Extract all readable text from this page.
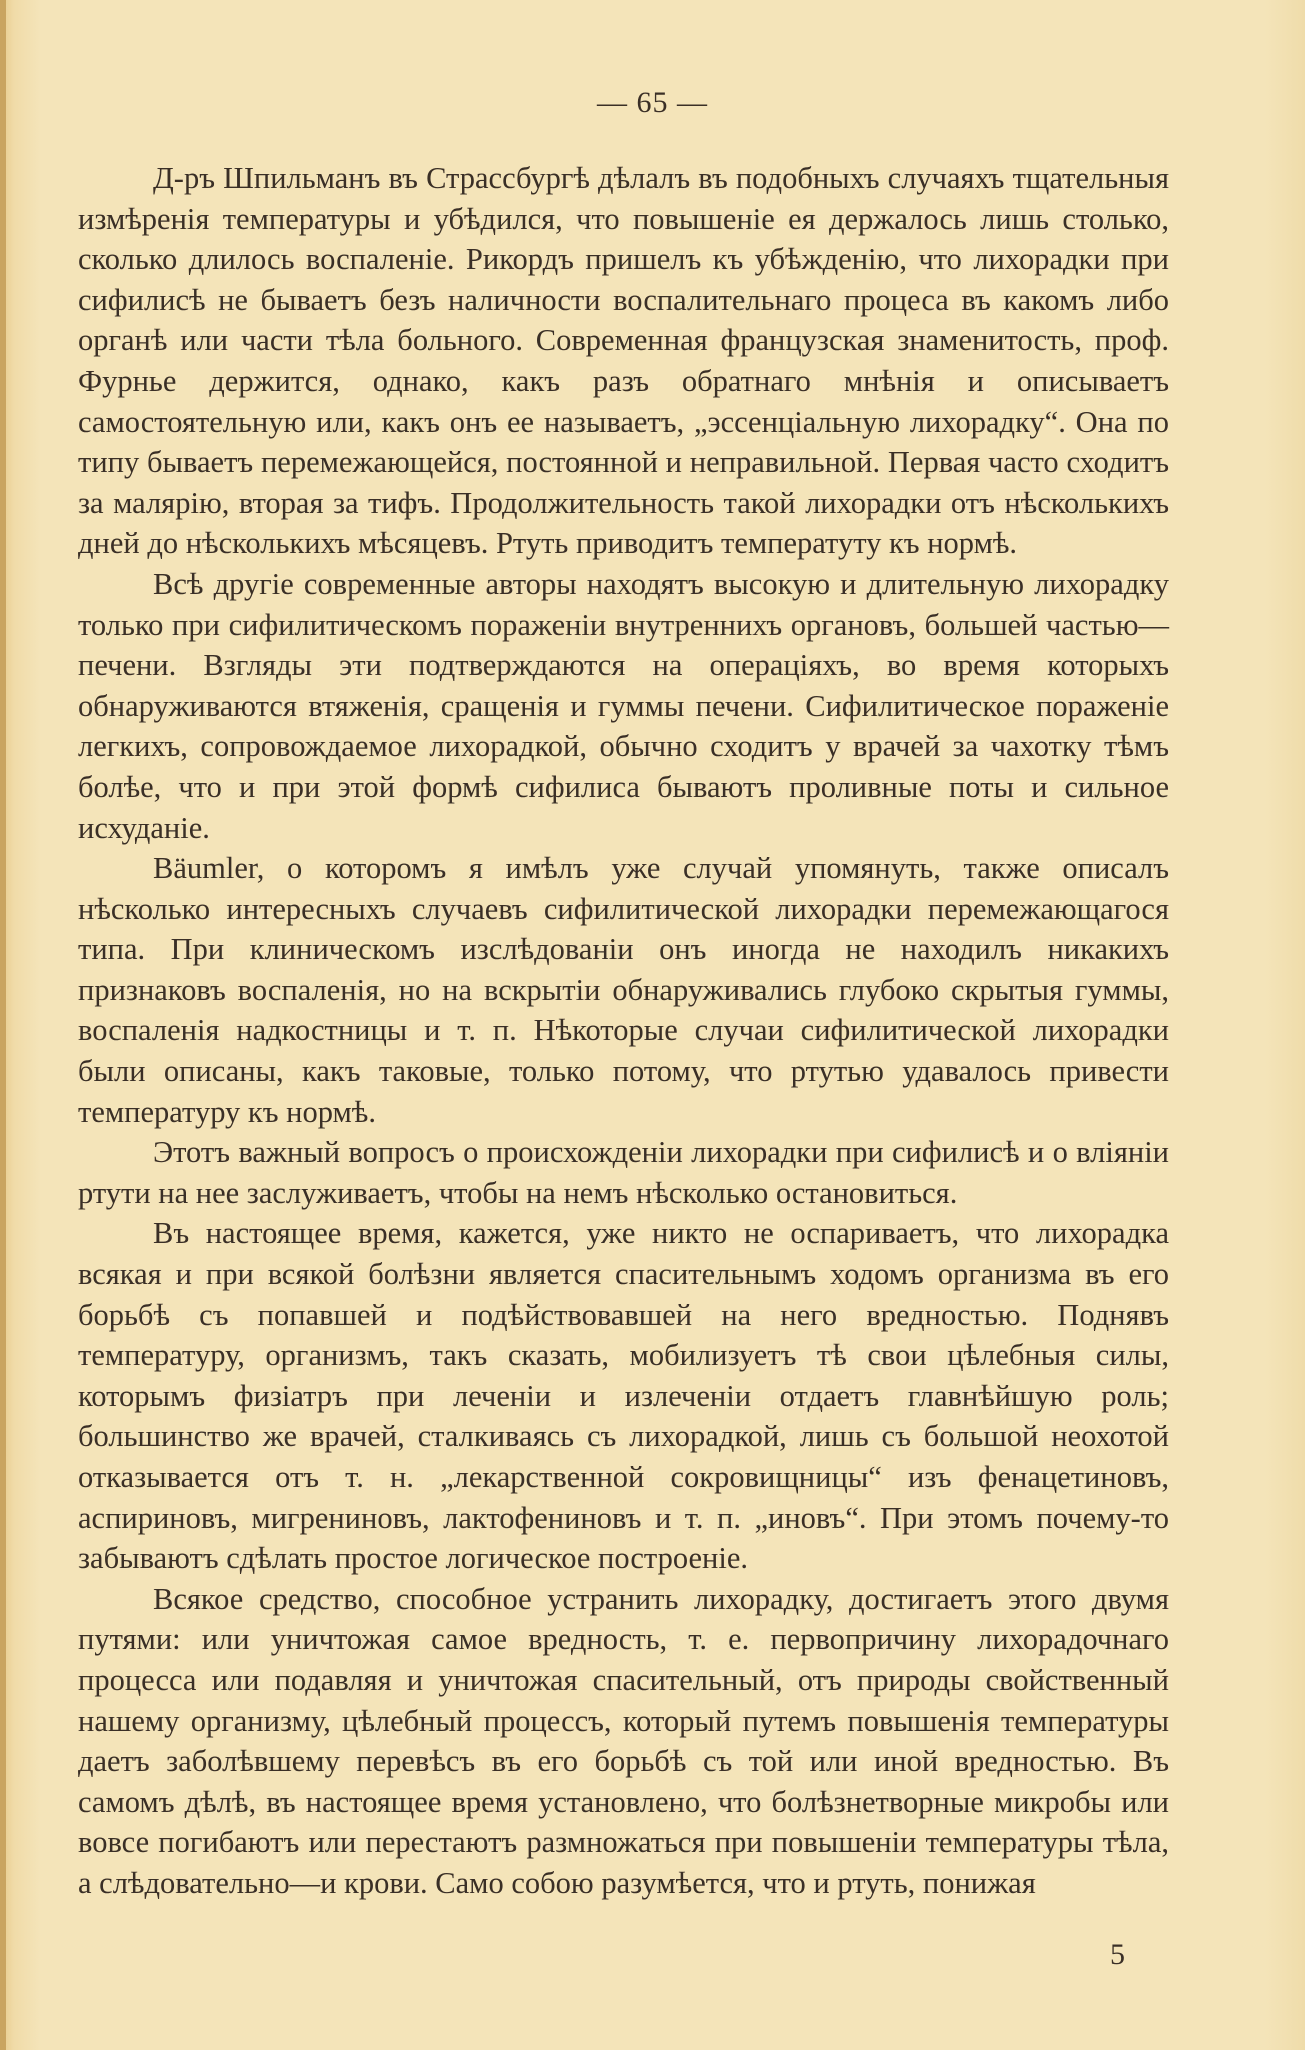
— 65 —

Д-ръ Шпильманъ въ Страссбургѣ дѣлалъ въ подобныхъ случаяхъ тщательныя измѣренія температуры и убѣдился, что повышеніе ея держалось лишь столько, сколько длилось воспаленіе. Рикордъ пришелъ къ убѣжденію, что лихорадки при сифилисѣ не бываетъ безъ наличности воспалительнаго процеса въ какомъ либо органѣ или части тѣла больного. Современная французская знаменитость, проф. Фурнье держится, однако, какъ разъ обратнаго мнѣнія и описываетъ самостоятельную или, какъ онъ ее называетъ, „эссенціальную лихорадку“. Она по типу бываетъ перемежающейся, постоянной и неправильной. Первая часто сходитъ за малярію, вторая за тифъ. Продолжительность такой лихорадки отъ нѣсколькихъ дней до нѣсколькихъ мѣсяцевъ. Ртуть приводитъ температуту къ нормѣ.

Всѣ другіе современные авторы находятъ высокую и длительную лихорадку только при сифилитическомъ пораженіи внутреннихъ органовъ, большей частью—печени. Взгляды эти подтверждаются на операціяхъ, во время которыхъ обнаруживаются втяженія, сращенія и гуммы печени. Сифилитическое пораженіе легкихъ, сопровождаемое лихорадкой, обычно сходитъ у врачей за чахотку тѣмъ болѣе, что и при этой формѣ сифилиса бываютъ проливные поты и сильное исхуданіе.

Bäumler, о которомъ я имѣлъ уже случай упомянуть, также описалъ нѣсколько интересныхъ случаевъ сифилитической лихорадки перемежающагося типа. При клиническомъ изслѣдованіи онъ иногда не находилъ никакихъ признаковъ воспаленія, но на вскрытіи обнаруживались глубоко скрытыя гуммы, воспаленія надкостницы и т. п. Нѣкоторые случаи сифилитической лихорадки были описаны, какъ таковые, только потому, что ртутью удавалось привести температуру къ нормѣ.

Этотъ важный вопросъ о происхожденіи лихорадки при сифилисѣ и о вліяніи ртути на нее заслуживаетъ, чтобы на немъ нѣсколько остановиться.

Въ настоящее время, кажется, уже никто не оспариваетъ, что лихорадка всякая и при всякой болѣзни является спасительнымъ ходомъ организма въ его борьбѣ съ попавшей и подѣйствовавшей на него вредностью. Поднявъ температуру, организмъ, такъ сказать, мобилизуетъ тѣ свои цѣлебныя силы, которымъ физіатръ при леченіи и излеченіи отдаетъ главнѣйшую роль; большинство же врачей, сталкиваясь съ лихорадкой, лишь съ большой неохотой отказывается отъ т. н. „лекарственной сокровищницы“ изъ фенацетиновъ, аспириновъ, мигрениновъ, лактофениновъ и т. п. „иновъ“. При этомъ почему-то забываютъ сдѣлать простое логическое построеніе.

Всякое средство, способное устранить лихорадку, достигаетъ этого двумя путями: или уничтожая самое вредность, т. е. первопричину лихорадочнаго процесса или подавляя и уничтожая спасительный, отъ природы свойственный нашему организму, цѣлебный процессъ, который путемъ повышенія температуры даетъ заболѣвшему перевѣсъ въ его борьбѣ съ той или иной вредностью. Въ самомъ дѣлѣ, въ настоящее время установлено, что болѣзнетворные микробы или вовсе погибаютъ или перестаютъ размножаться при повышеніи температуры тѣла, а слѣдовательно—и крови. Само собою разумѣется, что и ртуть, понижая

5
